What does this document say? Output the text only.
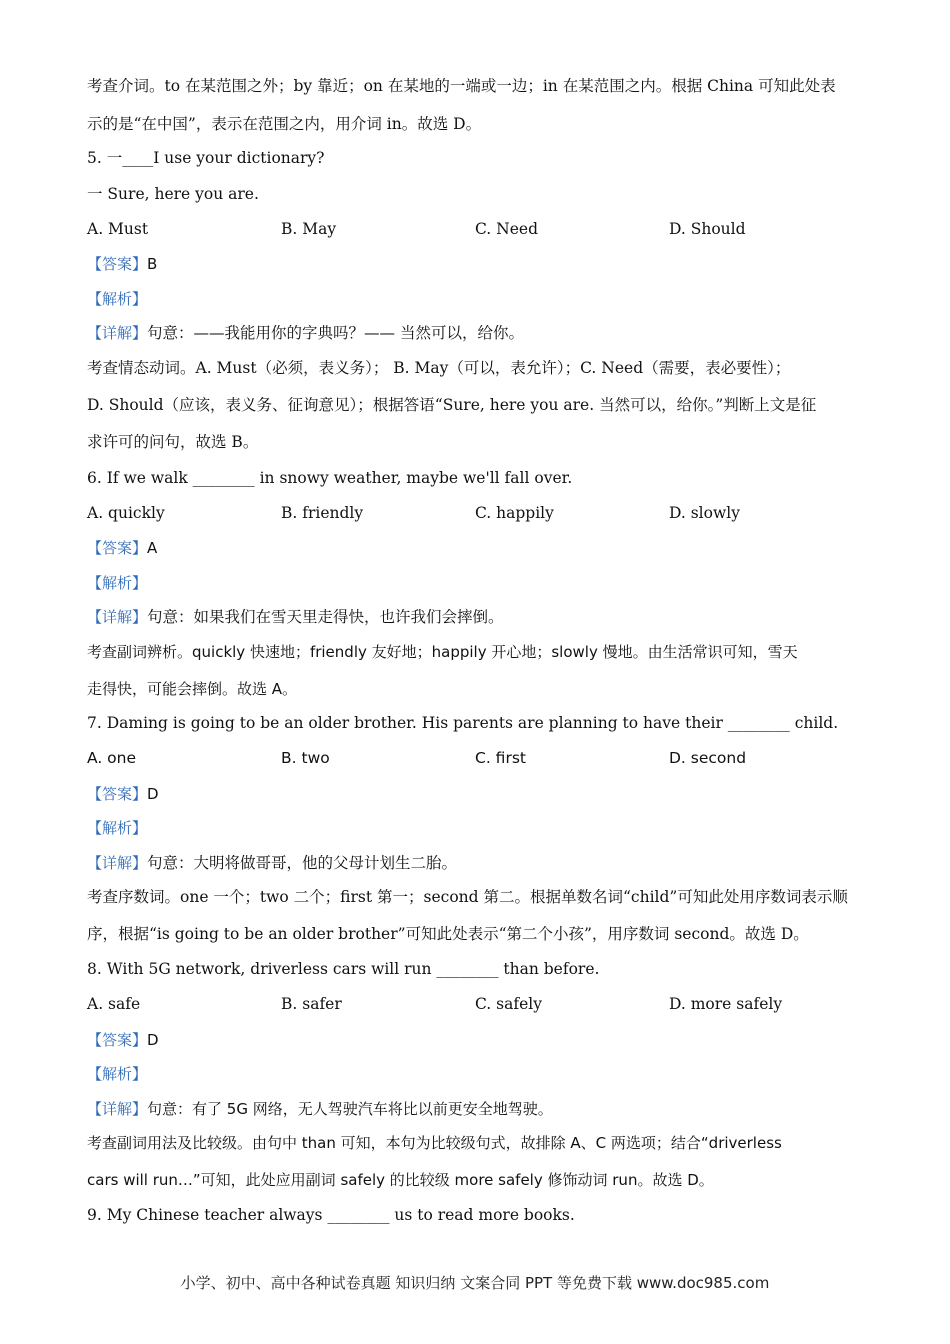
考查介词。to 在某范围之外；by 靠近；on 在某地的一端或一边；in 在某范围之内。根据 China 可知此处表
示的是“在中国”，表示在范围之内，用介词 in。故选 D。
5. 一____I use your dictionary?
一 Sure, here you are.
A. Must	B. May	C. Need	D. Should
【答案】B
【解析】
【详解】句意：——我能用你的字典吗？—— 当然可以，给你。
考查情态动词。A. Must（必须，表义务）； B. May（可以，表允许）；C. Need（需要，表必要性）；
D. Should（应该，表义务、征询意见）；根据答语“Sure, here you are. 当然可以，给你。”判断上文是征
求许可的问句，故选 B。
6. If we walk ________ in snowy weather, maybe we'll fall over.
A. quickly	B. friendly	C. happily	D. slowly
【答案】A
【解析】
【详解】句意：如果我们在雪天里走得快，也许我们会摔倒。
考查副词辨析。quickly 快速地；friendly 友好地；happily 开心地；slowly 慢地。由生活常识可知，雪天
走得快，可能会摔倒。故选 A。
7. Daming is going to be an older brother. His parents are planning to have their ________ child.
A. one	B. two	C. first	D. second
【答案】D
【解析】
【详解】句意：大明将做哥哥，他的父母计划生二胎。
考查序数词。one 一个；two 二个；first 第一；second 第二。根据单数名词“child”可知此处用序数词表示顺
序，根据“is going to be an older brother”可知此处表示“第二个小孩”，用序数词 second。故选 D。
8. With 5G network, driverless cars will run ________ than before.
A. safe	B. safer	C. safely	D. more safely
【答案】D
【解析】
【详解】句意：有了 5G 网络，无人驾驶汽车将比以前更安全地驾驶。
考查副词用法及比较级。由句中 than 可知，本句为比较级句式，故排除 A、C 两选项；结合“driverless
cars will run…”可知，此处应用副词 safely 的比较级 more safely 修饰动词 run。故选 D。
9. My Chinese teacher always ________ us to read more books.
小学、初中、高中各种试卷真题 知识归纳 文案合同 PPT 等免费下载 www.doc985.com
